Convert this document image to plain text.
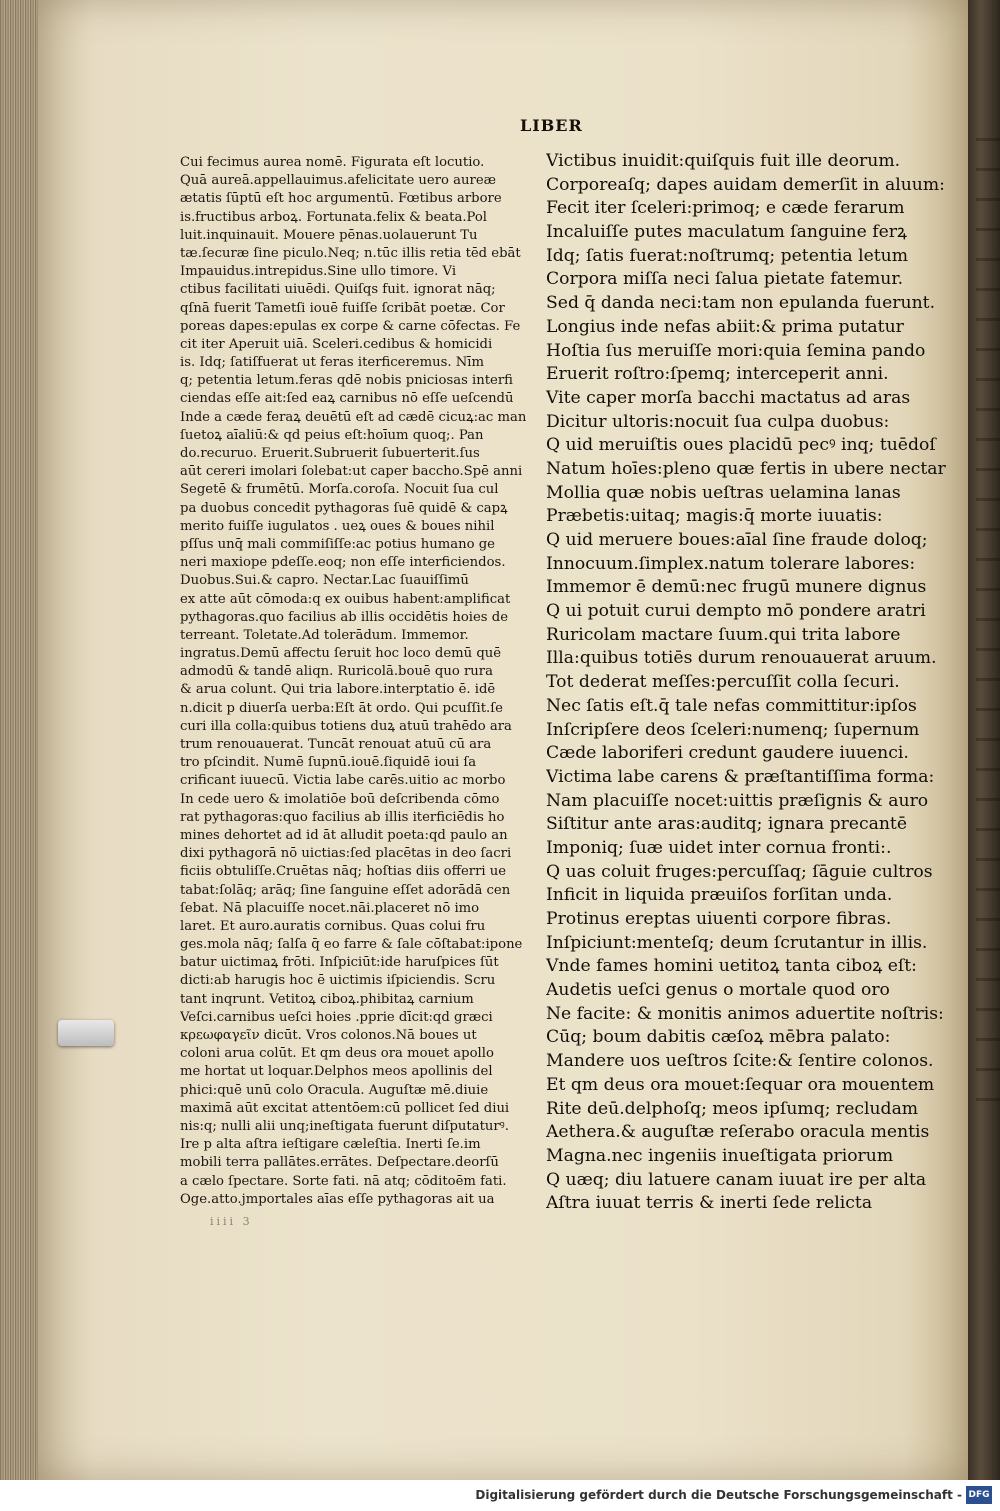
LIBER
Cui fecimus aurea nomē. Figurata eſt locutio.
Quā aureā.appellauimus.afelicitate uero aureæ
ætatis ſūptū eſt hoc argumentū. Fœtibus arbore
is.fructibus arboꝝ. Fortunata.felix & beata.Pol
luit.inquinauit. Mouere pēnas.uolauerunt Tu
tæ.ſecuræ ſine piculo.Neq; n.tūc illis retia tēd ebāt
Impauidus.intrepidus.Sine ullo timore. Vi
ctibus facilitati uiuēdi. Quiſqs fuit. ignorat nāq;
qſnā fuerit Tametſi iouē fuiſſe ſcribāt poetæ. Cor
poreas dapes:epulas ex corpe & carne cōfectas. Fe
cit iter Aperuit uiā. Sceleri.cedibus & homicidi
is. Idq; ſatiſfuerat ut feras iterficeremus. Nīm
q; petentia letum.feras qdē nobis pniciosas interfi
ciendas eſſe ait:ſed eaꝝ carnibus nō eſſe ueſcendū
Inde a cæde feraꝝ deuētū eſt ad cædē cicuꝝ:ac man
ſuetoꝝ aīaliū:& qd peius eſt:hoīum quoq;. Pan
do.recuruo. Eruerit.Subruerit ſubuerterit.ſus
aūt cereri imolari ſolebat:ut caper baccho.Spē anni
Segetē & frumētū. Morſa.coroſa. Nocuit ſua cul
pa duobus concedit pythagoras ſuē quidē & capꝝ
merito fuiſſe iugulatos . ueꝝ oues & boues nihil
pſſus unq̄ mali commiſiſſe:ac potius humano ge
neri maxiope pdeſſe.eoq; non eſſe interficiendos.
Duobus.Sui.& capro. Nectar.Lac ſuauiſſimū
ex atte aūt cōmoda:q ex ouibus habent:amplificat
pythagoras.quo facilius ab illis occidētis hoies de
terreant. Toletate.Ad tolerādum. Immemor.
ingratus.Demū affectu ſeruit hoc loco demū quē
admodū & tandē aliqn. Ruricolā.bouē quo rura
& arua colunt. Qui tria labore.interptatio ē. idē
n.dicit p diuerſa uerba:Eſt āt ordo. Qui pcuſſit.ſe
curi illa colla:quibus totiens duꝝ atuū trahēdo ara
trum renouauerat. Tuncāt renouat atuū cū ara
tro pſcindit. Numē ſupnū.iouē.ſiquidē ioui ſa
crificant iuuecū. Victia labe carēs.uitio ac morbo
In cede uero & imolatiōe boū deſcribenda cōmo
rat pythagoras:quo facilius ab illis iterficiēdis ho
mines dehortet ad id āt alludit poeta:qd paulo an
dixi pythagorā nō uictias:ſed placētas in deo ſacri
ficiis obtuliſſe.Cruētas nāq; hoſtias diis offerri ue
tabat:ſolāq; arāq; ſine ſanguine eſſet adorādā cen
ſebat. Nā placuiſſe nocet.nāi.placeret nō imo
laret. Et auro.auratis cornibus. Quas colui fru
ges.mola nāq; ſalſa q̄ eo farre & ſale cōſtabat:ipone
batur uictimaꝝ frōti. Inſpiciūt:ide haruſpices ſūt
dicti:ab harugis hoc ē uictimis iſpiciendis. Scru
tant inqrunt. Vetitoꝝ ciboꝝ.phibitaꝝ carnium
Veſci.carnibus ueſci hoies .pprie dīcit:qd græci
κρεωφαγεῖν dicūt. Vros colonos.Nā boues ut
coloni arua colūt. Et qm deus ora mouet apollo
me hortat ut loquar.Delphos meos apollinis del
phici:quē unū colo Oracula. Auguſtæ mē.diuie
maximā aūt excitat attentōem:cū pollicet ſed diui
nis:q; nulli alii unq;ineſtigata fuerunt diſputaturꝰ.
Ire p alta aſtra ieſtigare cæleſtia. Inerti ſe.im
mobili terra pallātes.errātes. Deſpectare.deorſū
a cælo ſpectare. Sorte fati. nā atq; cōditoēm fati.
Oge.atto.jmportales aīas eſſe pythagoras ait ua
Victibus inuidit:quiſquis fuit ille deorum.
Corporeaſq; dapes auidam demerſit in aluum:
Fecit iter ſceleri:primoq; e cæde ferarum
Incaluiſſe putes maculatum ſanguine ferꝝ
Idq; ſatis fuerat:noſtrumq; petentia letum
Corpora miſſa neci ſalua pietate fatemur.
Sed q̄ danda neci:tam non epulanda fuerunt.
Longius inde nefas abiit:& prima putatur
Hoſtia ſus meruiſſe mori:quia ſemina pando
Eruerit roſtro:ſpemq; interceperit anni.
Vite caper morſa bacchi mactatus ad aras
Dicitur ultoris:nocuit ſua culpa duobus:
Q uid meruiſtis oues placidū pecꝰ inq; tuēdoſ
Natum hoīes:pleno quæ fertis in ubere nectar
Mollia quæ nobis ueſtras uelamina lanas
Præbetis:uitaq; magis:q̄ morte iuuatis:
Q uid meruere boues:aīal ſine fraude doloq;
Innocuum.ſimplex.natum tolerare labores:
Immemor ē demū:nec frugū munere dignus
Q ui potuit curui dempto mō pondere aratri
Ruricolam mactare ſuum.qui trita labore
Illa:quibus totiēs durum renouauerat aruum.
Tot dederat meſſes:percuſſit colla ſecuri.
Nec ſatis eſt.q̄ tale nefas committitur:ipſos
Inſcripſere deos ſceleri:numenq; ſupernum
Cæde laboriferi credunt gaudere iuuenci.
Victima labe carens & præſtantiſſima forma:
Nam placuiſſe nocet:uittis præſignis & auro
Siſtitur ante aras:auditq; ignara precantē
Imponiq; ſuæ uidet inter cornua fronti:.
Q uas coluit fruges:percuſſaq; ſāguie cultros
Inficit in liquida præuiſos forſitan unda.
Protinus ereptas uiuenti corpore fibras.
Inſpiciunt:menteſq; deum ſcrutantur in illis.
Vnde fames homini uetitoꝝ tanta ciboꝝ eſt:
Audetis ueſci genus o mortale quod oro
Ne facite: & monitis animos aduertite noſtris:
Cūq; boum dabitis cæſoꝝ mēbra palato:
Mandere uos ueſtros ſcite:& ſentire colonos.
Et qm deus ora mouet:ſequar ora mouentem
Rite deū.delphoſq; meos ipſumq; recludam
Aethera.& auguſtæ reſerabo oracula mentis
Magna.nec ingeniis inueſtigata priorum
Q uæq; diu latuere canam iuuat ire per alta
Aſtra iuuat terris & inerti ſede relicta
iiii 3
Digitalisierung gefördert durch die Deutsche Forschungsgemeinschaft - DFG
